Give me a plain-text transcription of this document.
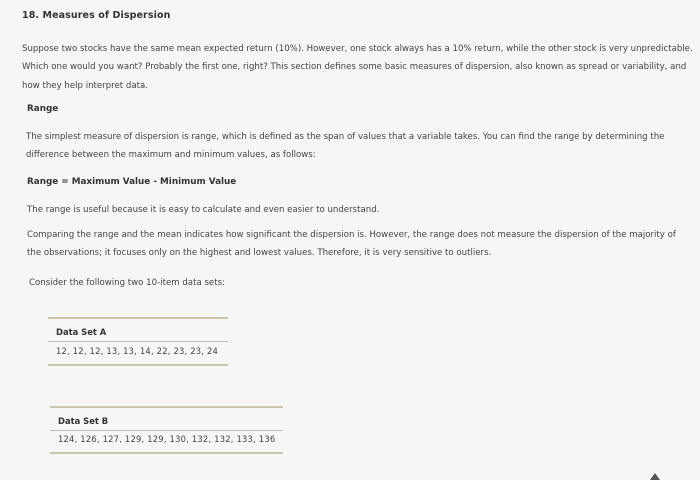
18. Measures of Dispersion
Suppose two stocks have the same mean expected return (10%). However, one stock always has a 10% return, while the other stock is very unpredictable. Which one would you want? Probably the first one, right? This section defines some basic measures of dispersion, also known as spread or variability, and how they help interpret data.
Range
The simplest measure of dispersion is range, which is defined as the span of values that a variable takes. You can find the range by determining the difference between the maximum and minimum values, as follows:
Range = Maximum Value - Minimum Value
The range is useful because it is easy to calculate and even easier to understand.
Comparing the range and the mean indicates how significant the dispersion is. However, the range does not measure the dispersion of the majority of the observations; it focuses only on the highest and lowest values. Therefore, it is very sensitive to outliers.
Consider the following two 10-item data sets:
Data Set A
12, 12, 12, 13, 13, 14, 22, 23, 23, 24
Data Set B
124, 126, 127, 129, 129, 130, 132, 132, 133, 136
